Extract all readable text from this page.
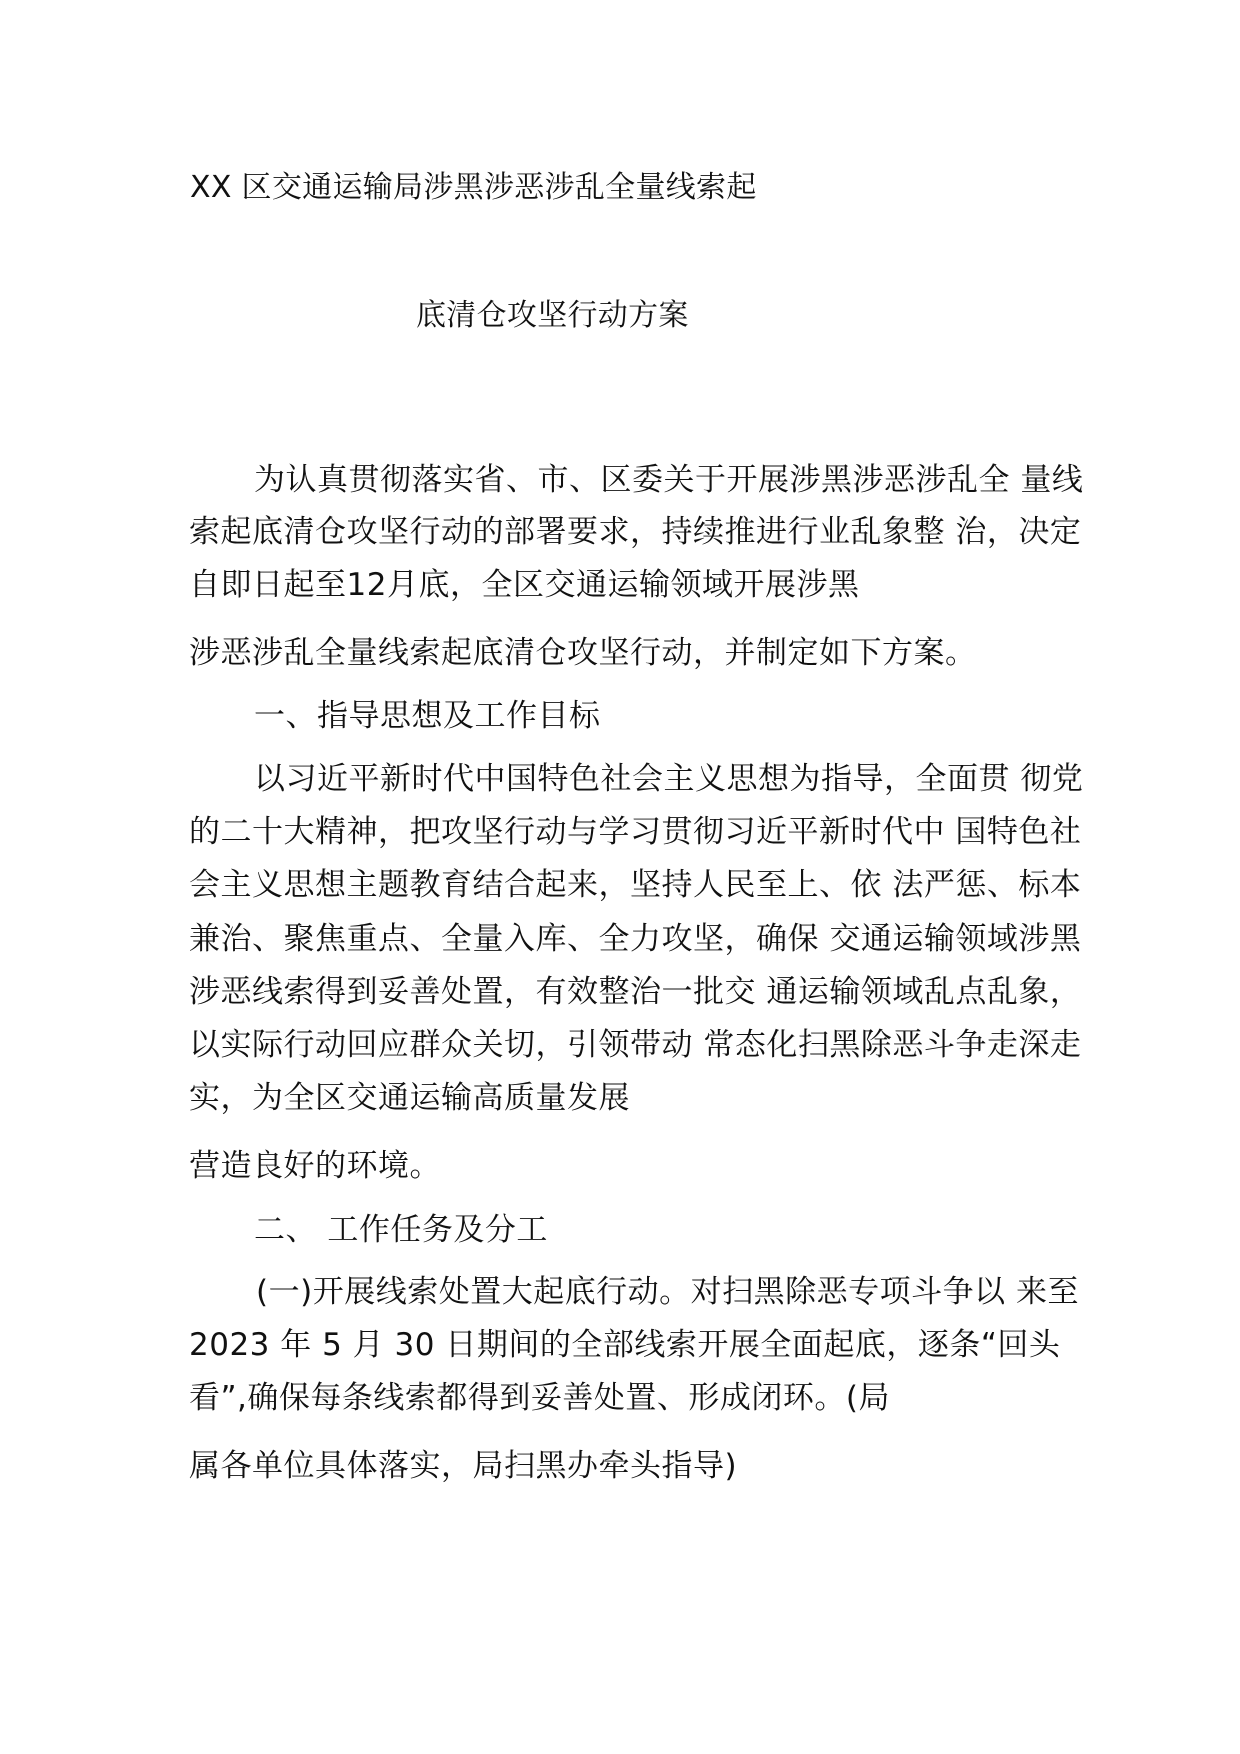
XX 区交通运输局涉黑涉恶涉乱全量线索起
底清仓攻坚行动方案
为认真贯彻落实省、市、区委关于开展涉黑涉恶涉乱全 量线
索起底清仓攻坚行动的部署要求，持续推进行业乱象整 治，决定
自即日起至12月底，全区交通运输领域开展涉黑
涉恶涉乱全量线索起底清仓攻坚行动，并制定如下方案。
一、指导思想及工作目标
以习近平新时代中国特色社会主义思想为指导，全面贯 彻党
的二十大精神，把攻坚行动与学习贯彻习近平新时代中 国特色社
会主义思想主题教育结合起来，坚持人民至上、依 法严惩、标本
兼治、聚焦重点、全量入库、全力攻坚，确保 交通运输领域涉黑
涉恶线索得到妥善处置，有效整治一批交 通运输领域乱点乱象，
以实际行动回应群众关切，引领带动 常态化扫黑除恶斗争走深走
实，为全区交通运输高质量发展
营造良好的环境。
二、 工作任务及分工
(一)开展线索处置大起底行动。对扫黑除恶专项斗争以 来至
2023 年 5 月 30 日期间的全部线索开展全面起底，逐条“回头
看”,确保每条线索都得到妥善处置、形成闭环。(局
属各单位具体落实，局扫黑办牵头指导)
